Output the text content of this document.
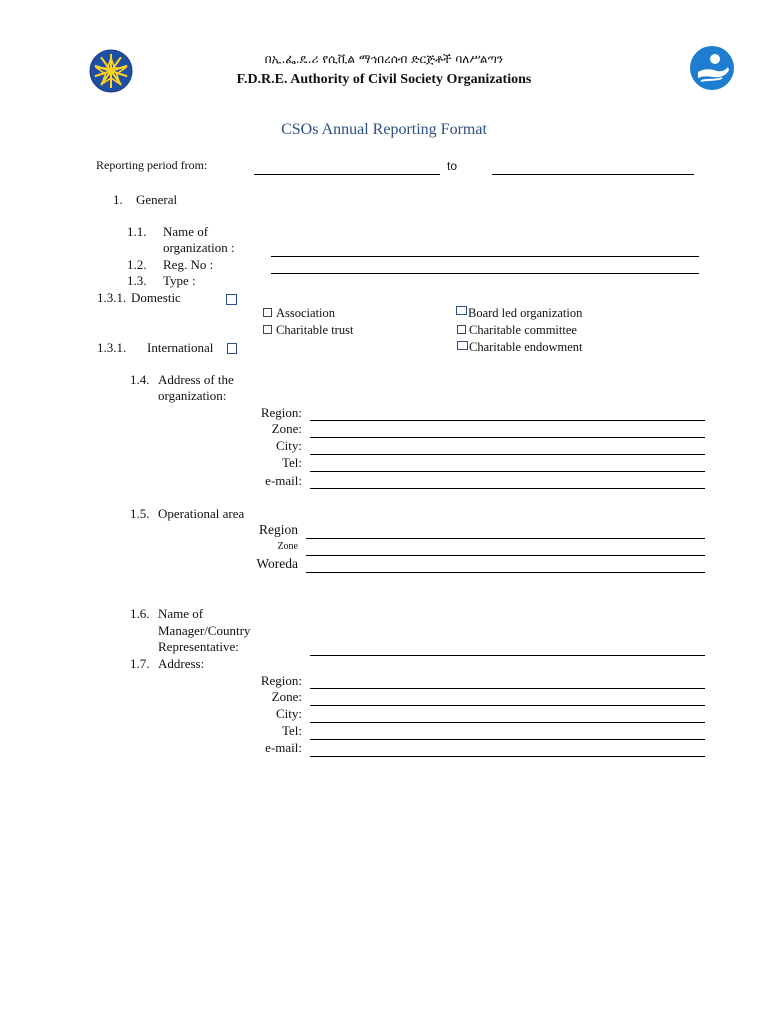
በኢ.ፌ.ዴ.ሪ የሲቪል ማኅበረሰብ ድርጅቶች ባለሥልጣን
F.D.R.E. Authority of Civil Society Organizations
CSOs Annual Reporting Format
Reporting period from:	to
1. General
1.1. Name of
organization :
1.2. Reg. No :
1.3. Type :
1.3.1. Domestic
Association
Charitable trust
Board led organization
Charitable committee
Charitable endowment
1.3.1. International
1.4. Address of the
organization:
Region:
Zone:
City:
Tel:
e-mail:
1.5. Operational area
Region
Zone
Woreda
1.6. Name of
Manager/Country
Representative:
1.7. Address:
Region:
Zone:
City:
Tel:
e-mail:
